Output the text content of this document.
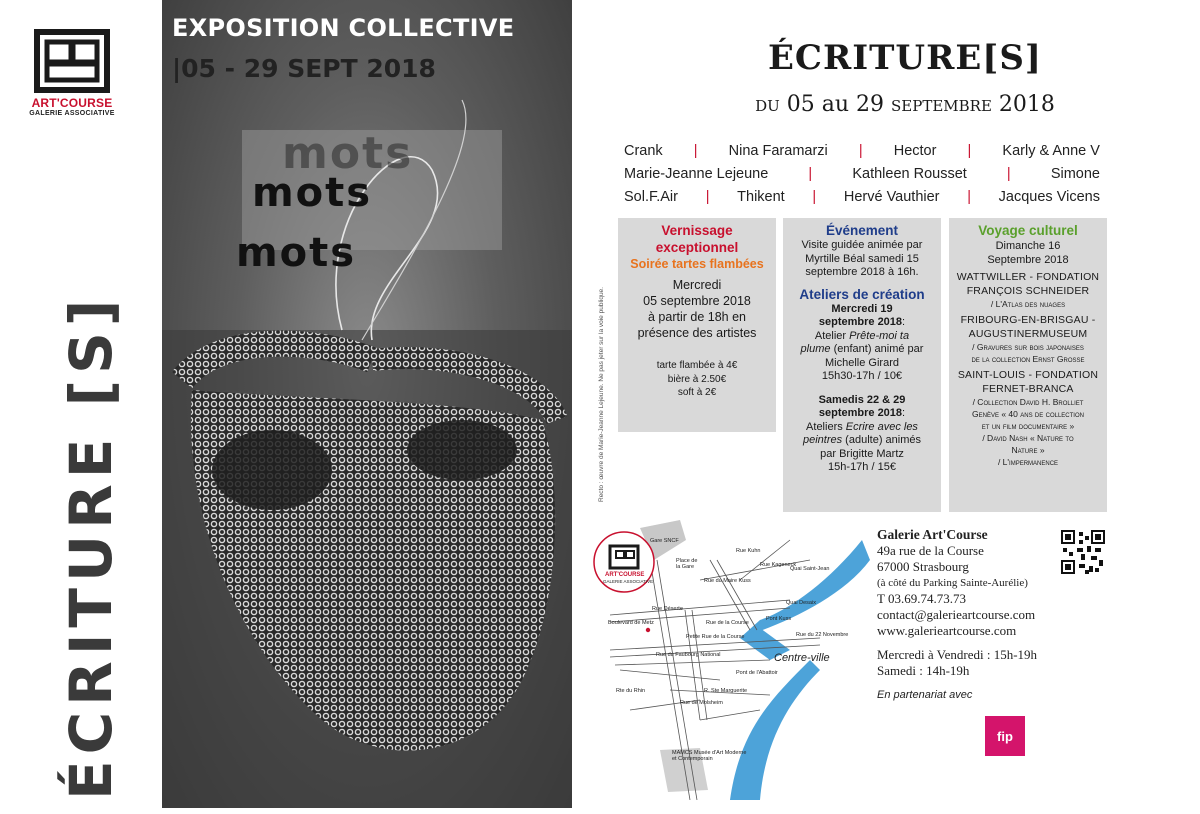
ART'COURSE
GALERIE ASSOCIATIVE
ÉCRITURE [S]
EXPOSITION COLLECTIVE
|05 - 29 SEPT 2018
mots
mots
mots
Recto : œuvre de Marie-Jeanne Lejeune. Ne pas jeter sur la voie publique.
ÉCRITURE[S]
du 05 au 29 septembre 2018
Crank | Nina Faramarzi | Hector | Karly & Anne V
Marie-Jeanne Lejeune	|	Kathleen Rousset	|	Simone
Sol.F.Air | Thikent | Hervé Vauthier | Jacques Vicens
Vernissage
exceptionnel
Soirée tartes flambées
Mercredi
05 septembre 2018
à partir de 18h en
présence des artistes
tarte flambée à 4€
bière à 2.50€
soft à 2€
Événement
Visite guidée animée par
Myrtille Béal samedi 15
septembre 2018 à 16h.
Ateliers de création
Mercredi 19
septembre 2018:
Atelier Prête-moi ta
plume (enfant) animé par
Michelle Girard
15h30-17h / 10€
Samedis 22 & 29
septembre 2018:
Ateliers Ecrire avec les
peintres (adulte) animés
par Brigitte Martz
15h-17h / 15€
Voyage culturel
Dimanche 16
Septembre 2018
WATTWILLER - FONDATION
FRANÇOIS SCHNEIDER
/ L'Atlas des nuages
FRIBOURG-EN-BRISGAU -
AUGUSTINERMUSEUM
/ Gravures sur bois japonaises
de la collection Ernst Grosse
SAINT-LOUIS - FONDATION
FERNET-BRANCA
/ Collection David H. Brolliet
Genève « 40 ans de collection
et un film documentaire »
/ David Nash « Nature to
Nature »
/ L'impermanence
ART'COURSE
GALERIE ASSOCIATIVE
Gare SNCF
Place de la Gare
Rue Kuhn
Rue du Maire Kuss
Quai Saint-Jean
Rue Kageneck
Quai Desaix
Rue Déserte
Rue de la Course
Petite Rue de la Course
Pont Kuss
Rue du 22 Novembre
Rue du Faubourg National
Boulevard de Metz
Pont de l'Abattoir
Rte du Rhin	R. Ste Marguerite
Rue de Molsheim
MAMCS Musée d'Art Moderne et Contemporain
Centre-ville
Galerie Art'Course
49a rue de la Course
67000 Strasbourg
(à côté du Parking Sainte-Aurélie)
T 03.69.74.73.73
contact@galerieartcourse.com
www.galerieartcourse.com
Mercredi à Vendredi : 15h-19h
Samedi : 14h-19h
En partenariat avec
fip
